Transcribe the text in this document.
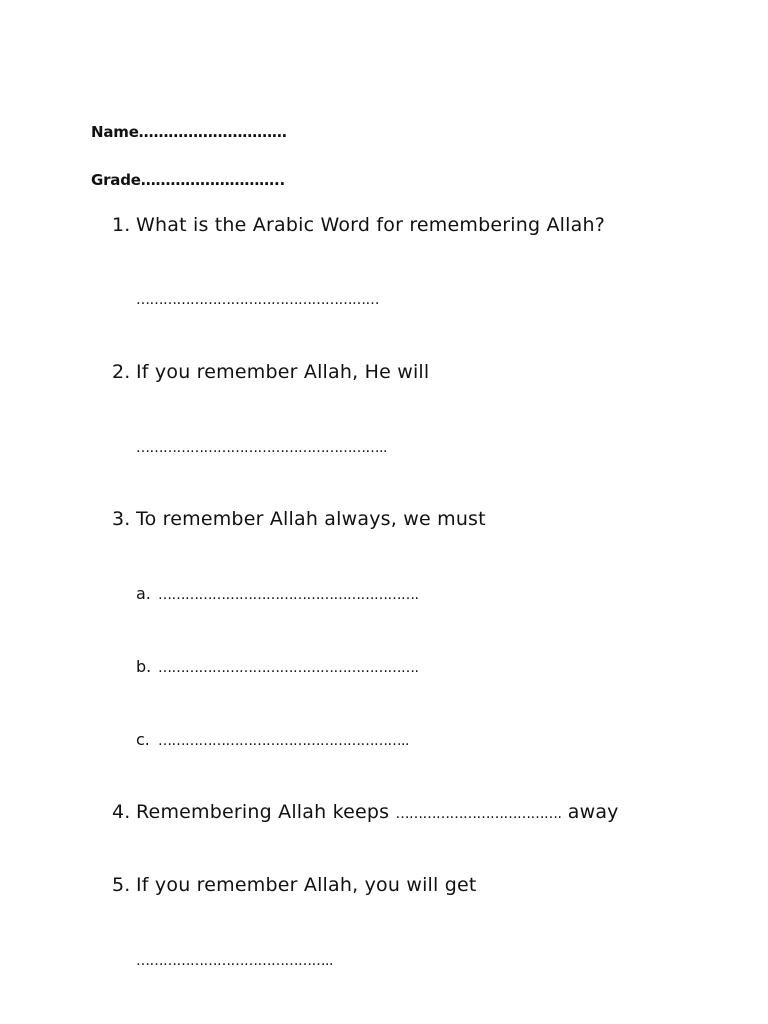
Name…………………………
Grade………………………..
1. What is the Arabic Word for remembering Allah?
………………………………………………
2. If you remember Allah, He will
………………………………………………..
3. To remember Allah always, we must
a. ………………………………………………….
b. ………………………………………………….
c. ………………………………………………..
4. Remembering Allah keeps ………………………………. away
5. If you remember Allah, you will get
……………………………………..
